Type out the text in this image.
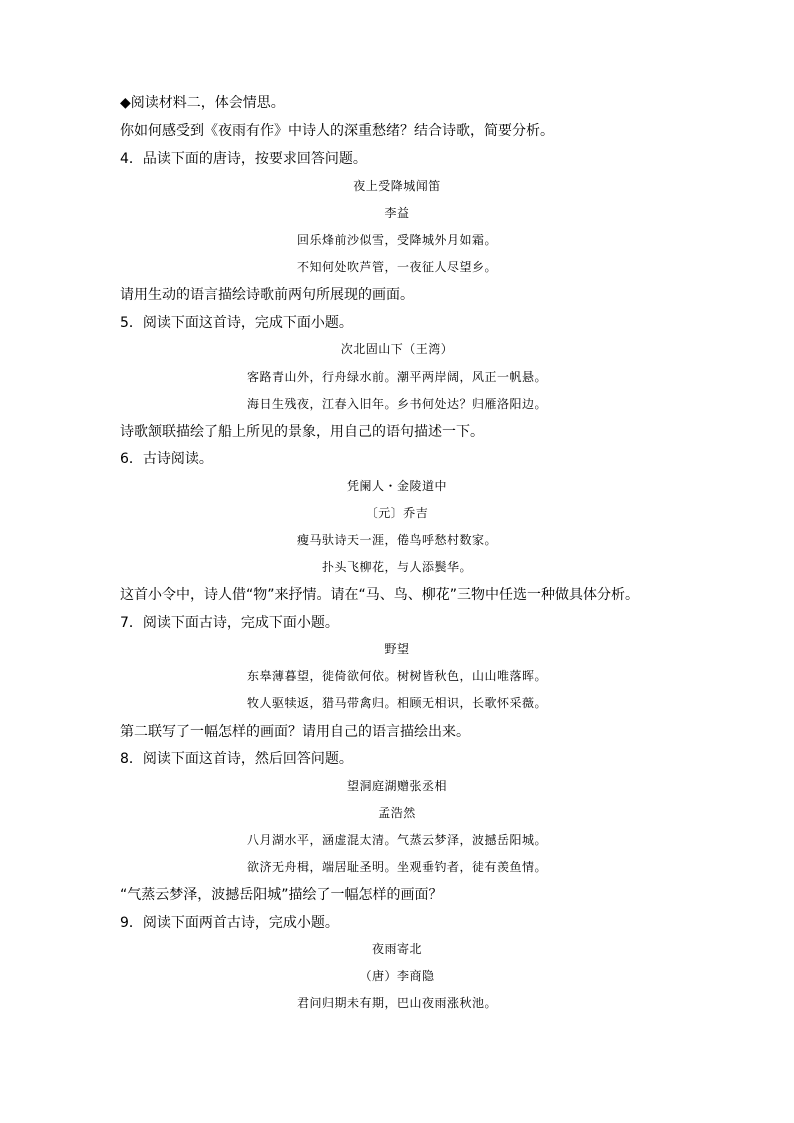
◆阅读材料二，体会情思。
你如何感受到《夜雨有作》中诗人的深重愁绪？结合诗歌，简要分析。
4．品读下面的唐诗，按要求回答问题。
夜上受降城闻笛
李益
回乐烽前沙似雪，受降城外月如霜。
不知何处吹芦管，一夜征人尽望乡。
请用生动的语言描绘诗歌前两句所展现的画面。
5．阅读下面这首诗，完成下面小题。
次北固山下（王湾）
客路青山外，行舟绿水前。潮平两岸阔，风正一帆悬。
海日生残夜，江春入旧年。乡书何处达？归雁洛阳边。
诗歌颔联描绘了船上所见的景象，用自己的语句描述一下。
6．古诗阅读。
凭阑人・金陵道中
〔元〕乔吉
瘦马驮诗天一涯，倦鸟呼愁村数家。
扑头飞柳花，与人添鬓华。
这首小令中，诗人借“物”来抒情。请在“马、鸟、柳花”三物中任选一种做具体分析。
7．阅读下面古诗，完成下面小题。
野望
东皋薄暮望，徙倚欲何依。树树皆秋色，山山唯落晖。
牧人驱犊返，猎马带禽归。相顾无相识，长歌怀采薇。
第二联写了一幅怎样的画面？请用自己的语言描绘出来。
8．阅读下面这首诗，然后回答问题。
望洞庭湖赠张丞相
孟浩然
八月湖水平，涵虚混太清。气蒸云梦泽，波撼岳阳城。
欲济无舟楫，端居耻圣明。坐观垂钓者，徒有羡鱼情。
“气蒸云梦泽，波撼岳阳城”描绘了一幅怎样的画面？
9．阅读下面两首古诗，完成小题。
夜雨寄北
（唐）李商隐
君问归期未有期，巴山夜雨涨秋池。
